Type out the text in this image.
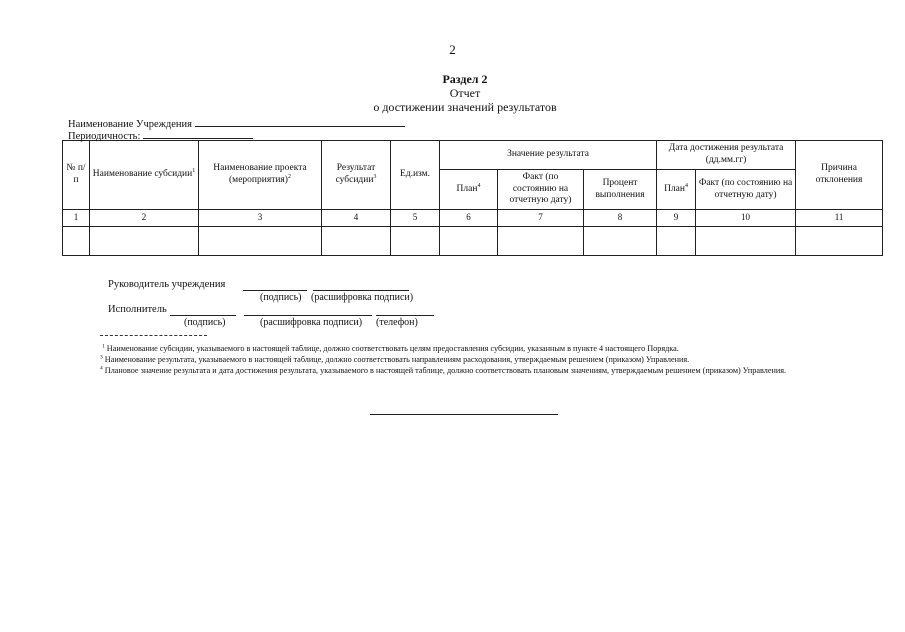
2
Раздел 2
Отчет
о достижении значений результатов
Наименование Учреждения
Периодичность:
№ п/ п	Наименование субсидии$^1$	Наименование проекта (мероприятия)$^2$	Результат субсидии$^3$	Ед.изм.	Значение результата			Дата достижения результата (дд.мм.гг)		Причина отклонения
					План$^4$	Факт (по состоянию на отчетную дату)	Процент выполнения	План$^4$	Факт (по состоянию на отчетную дату)	
1	2	3	4	5	6	7	8	9	10	11

Руководитель учреждения
(подпись) (расшифровка подписи)
Исполнитель
(подпись)	(расшифровка подписи) (телефон)
$^1$ Наименование субсидии, указываемого в настоящей таблице, должно соответствовать целям предоставления субсидии, указанным в пункте 4 настоящего Порядка.
$^3$ Наименование результата, указываемого в настоящей таблице, должно соответствовать направлениям расходования, утверждаемым решением (приказом) Управления.
$^4$ Плановое значение результата и дата достижения результата, указываемого в настоящей таблице, должно соответствовать плановым значениям, утверждаемым решением (приказом) Управления.
